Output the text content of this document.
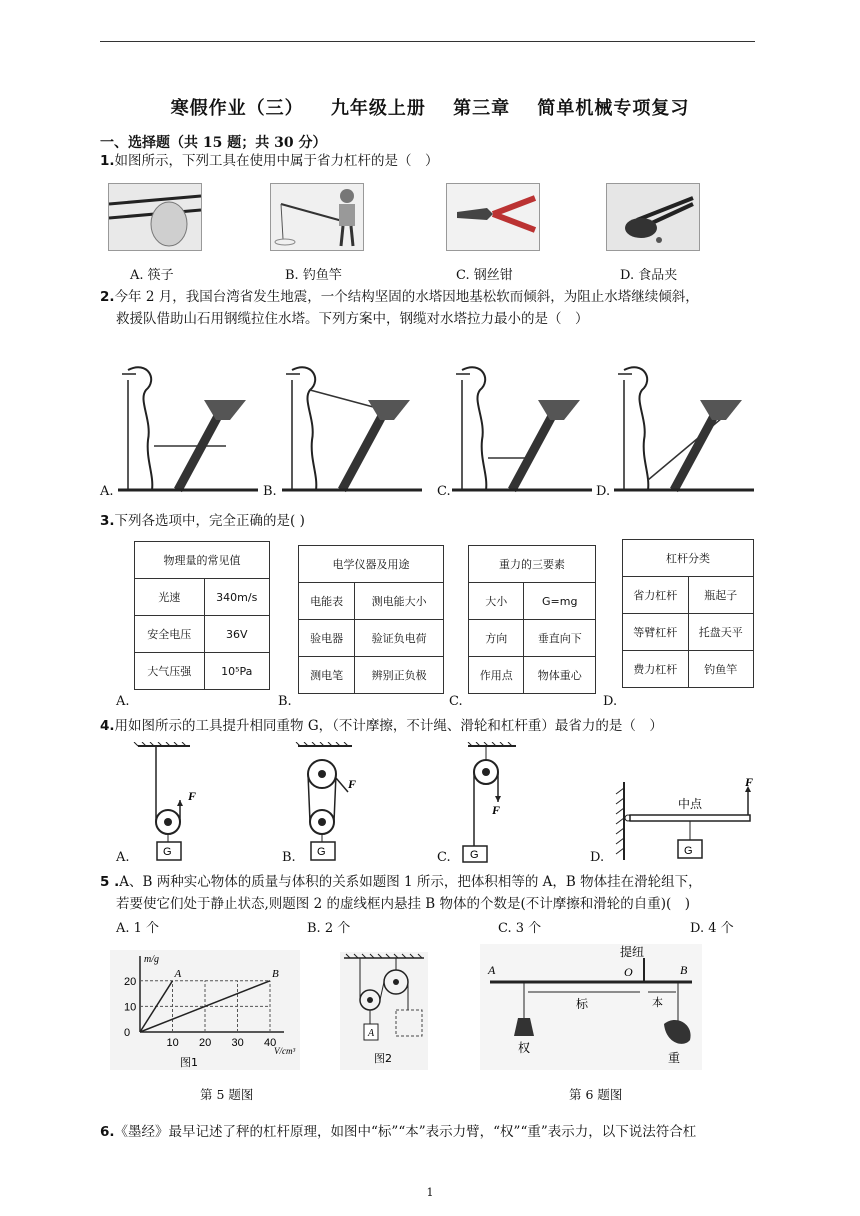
寒假作业（三） 九年级上册 第三章 简单机械专项复习
一、选择题（共 15 题；共 30 分）
1.如图所示，下列工具在使用中属于省力杠杆的是（　）
A. 筷子	B. 钓鱼竿	C. 钢丝钳	D. 食品夹
2.今年 2 月，我国台湾省发生地震，一个结构坚固的水塔因地基松软而倾斜，为阻止水塔继续倾斜，
救援队借助山石用钢缆拉住水塔。下列方案中，钢缆对水塔拉力最小的是（　）
A.	B.	C.	D.
3.下列各选项中，完全正确的是( )
物理量的常见值	
光速	340m/s
安全电压	36V
大气压强	10⁵Pa
电学仪器及用途	
电能表	测电能大小
验电器	验证负电荷
测电笔	辨别正负极
重力的三要素	
大小	G=mg
方向	垂直向下
作用点	物体重心
杠杆分类	
省力杠杆	瓶起子
等臂杠杆	托盘天平
费力杠杆	钓鱼竿
A.	B.	C.	D.
4.用如图所示的工具提升相同重物 G，（不计摩擦，不计绳、滑轮和杠杆重）最省力的是（　）
F
G
F
G
F
G
中点
F
G
A.	B.	C.	D.
5 .A、B 两种实心物体的质量与体积的关系如题图 1 所示，把体积相等的 A，B 物体挂在滑轮组下，
若要使它们处于静止状态,则题图 2 的虚线框内悬挂 B 物体的个数是(不计摩擦和滑轮的自重)(　)
A. 1 个	B. 2 个	C. 3 个	D. 4 个
m/g
V/cm³
20
10
0
10 20 30 40
A	B
图1
A
图2
第 5 题图
A	O	B
提纽
权
标	本
重
第 6 题图
6.《墨经》最早记述了秤的杠杆原理，如图中“标”“本”表示力臂，“权”“重”表示力，以下说法符合杠
1
